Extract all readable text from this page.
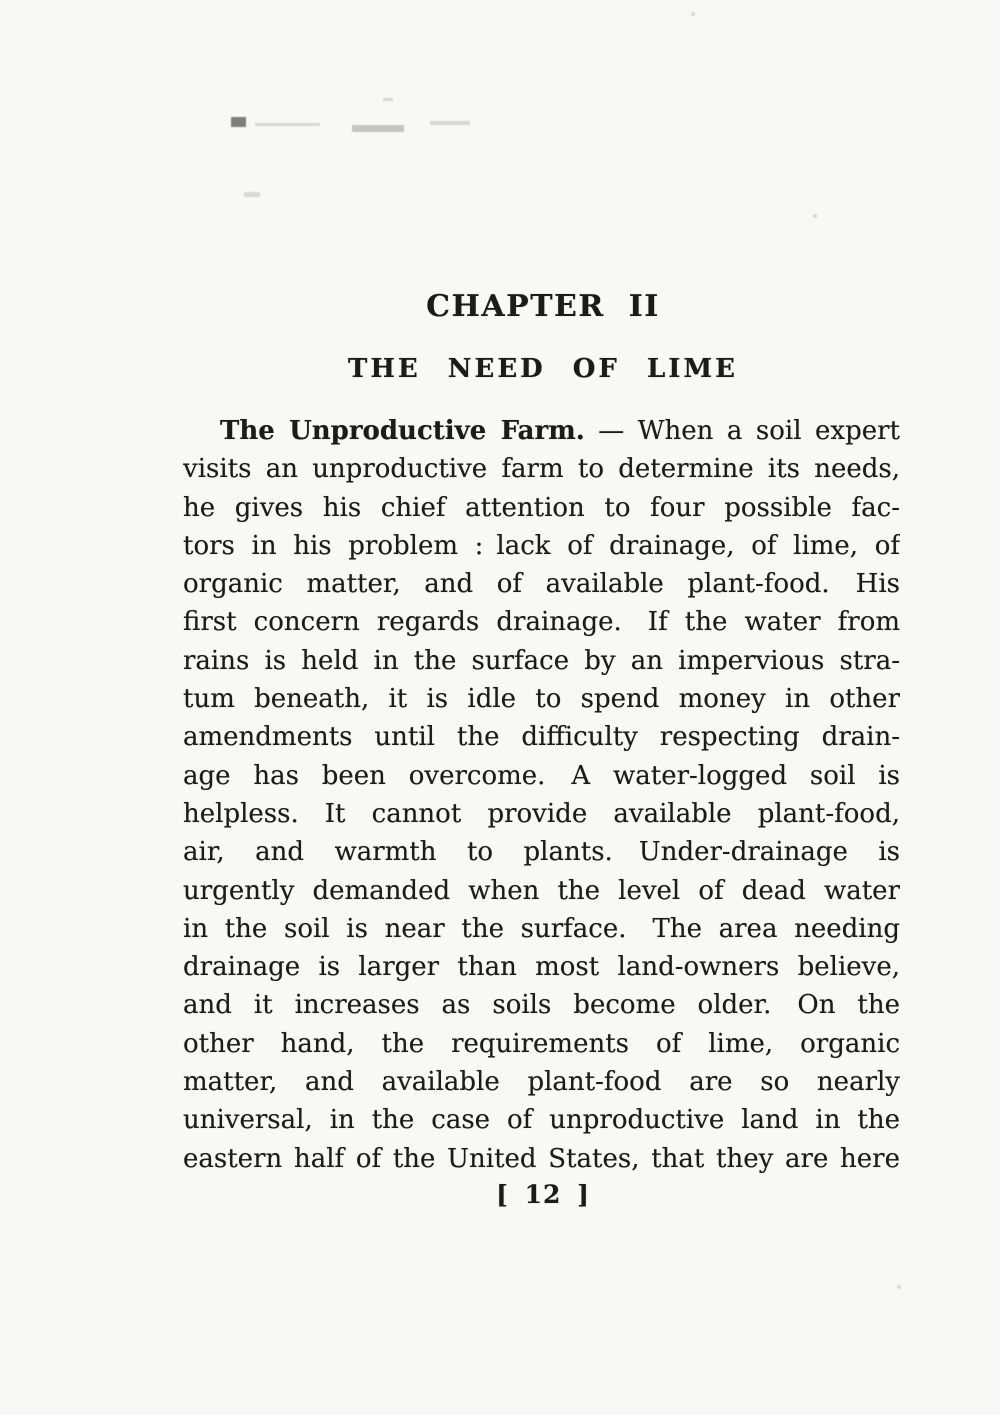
CHAPTER II
THE NEED OF LIME
The Unproductive Farm. — When a soil expert
visits an unproductive farm to determine its needs,
he gives his chief attention to four possible fac-
tors in his problem : lack of drainage, of lime, of
organic matter, and of available plant-food. His
first concern regards drainage. If the water from
rains is held in the surface by an impervious stra-
tum beneath, it is idle to spend money in other
amendments until the difficulty respecting drain-
age has been overcome. A water-logged soil is
helpless. It cannot provide available plant-food,
air, and warmth to plants. Under-drainage is
urgently demanded when the level of dead water
in the soil is near the surface. The area needing
drainage is larger than most land-owners believe,
and it increases as soils become older. On the
other hand, the requirements of lime, organic
matter, and available plant-food are so nearly
universal, in the case of unproductive land in the
eastern half of the United States, that they are here
[ 12 ]
